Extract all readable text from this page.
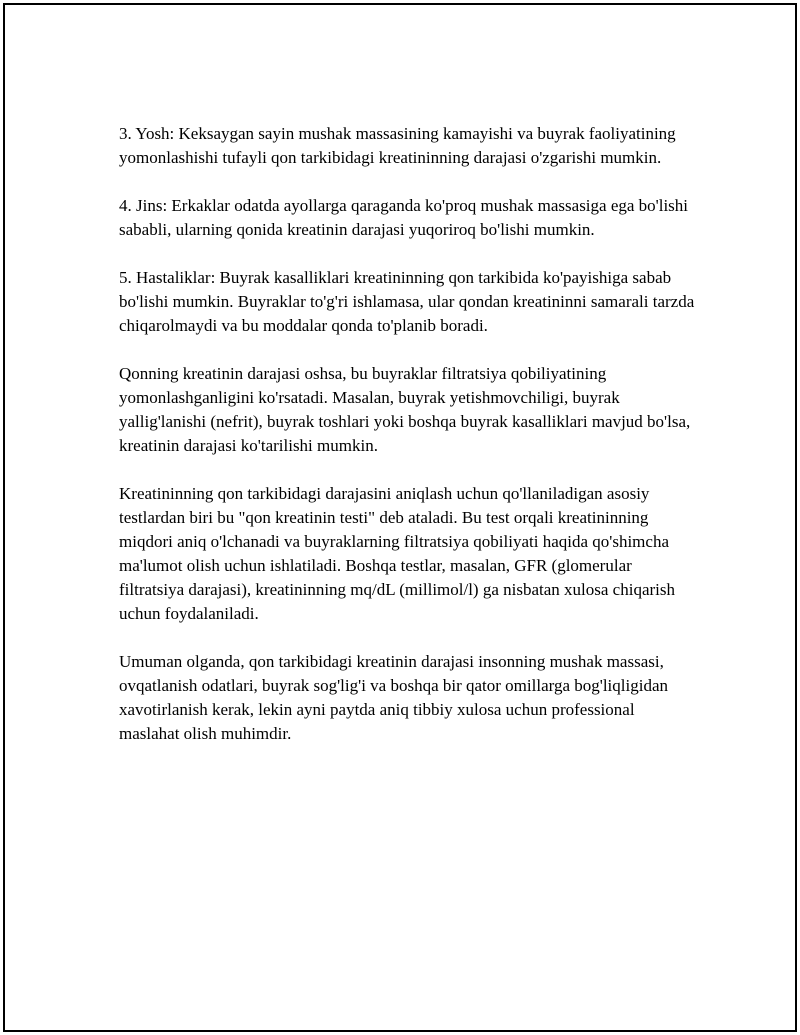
3. Yosh: Keksaygan sayin mushak massasining kamayishi va buyrak faoliyatining yomonlashishi tufayli qon tarkibidagi kreatininning darajasi o'zgarishi mumkin.

4. Jins: Erkaklar odatda ayollarga qaraganda ko'proq mushak massasiga ega bo'lishi sababli, ularning qonida kreatinin darajasi yuqoriroq bo'lishi mumkin.

5. Hastaliklar: Buyrak kasalliklari kreatininning qon tarkibida ko'payishiga sabab bo'lishi mumkin. Buyraklar to'g'ri ishlamasa, ular qondan kreatininni samarali tarzda chiqarolmaydi va bu moddalar qonda to'planib boradi.

Qonning kreatinin darajasi oshsa, bu buyraklar filtratsiya qobiliyatining yomonlashganligini ko'rsatadi. Masalan, buyrak yetishmovchiligi, buyrak yallig'lanishi (nefrit), buyrak toshlari yoki boshqa buyrak kasalliklari mavjud bo'lsa, kreatinin darajasi ko'tarilishi mumkin.

Kreatininning qon tarkibidagi darajasini aniqlash uchun qo'llaniladigan asosiy testlardan biri bu "qon kreatinin testi" deb ataladi. Bu test orqali kreatininning miqdori aniq o'lchanadi va buyraklarning filtratsiya qobiliyati haqida qo'shimcha ma'lumot olish uchun ishlatiladi. Boshqa testlar, masalan, GFR (glomerular filtratsiya darajasi), kreatininning mq/dL (millimol/l) ga nisbatan xulosa chiqarish uchun foydalaniladi.

Umuman olganda, qon tarkibidagi kreatinin darajasi insonning mushak massasi, ovqatlanish odatlari, buyrak sog'lig'i va boshqa bir qator omillarga bog'liqligidan xavotirlanish kerak, lekin ayni paytda aniq tibbiy xulosa uchun professional maslahat olish muhimdir.
